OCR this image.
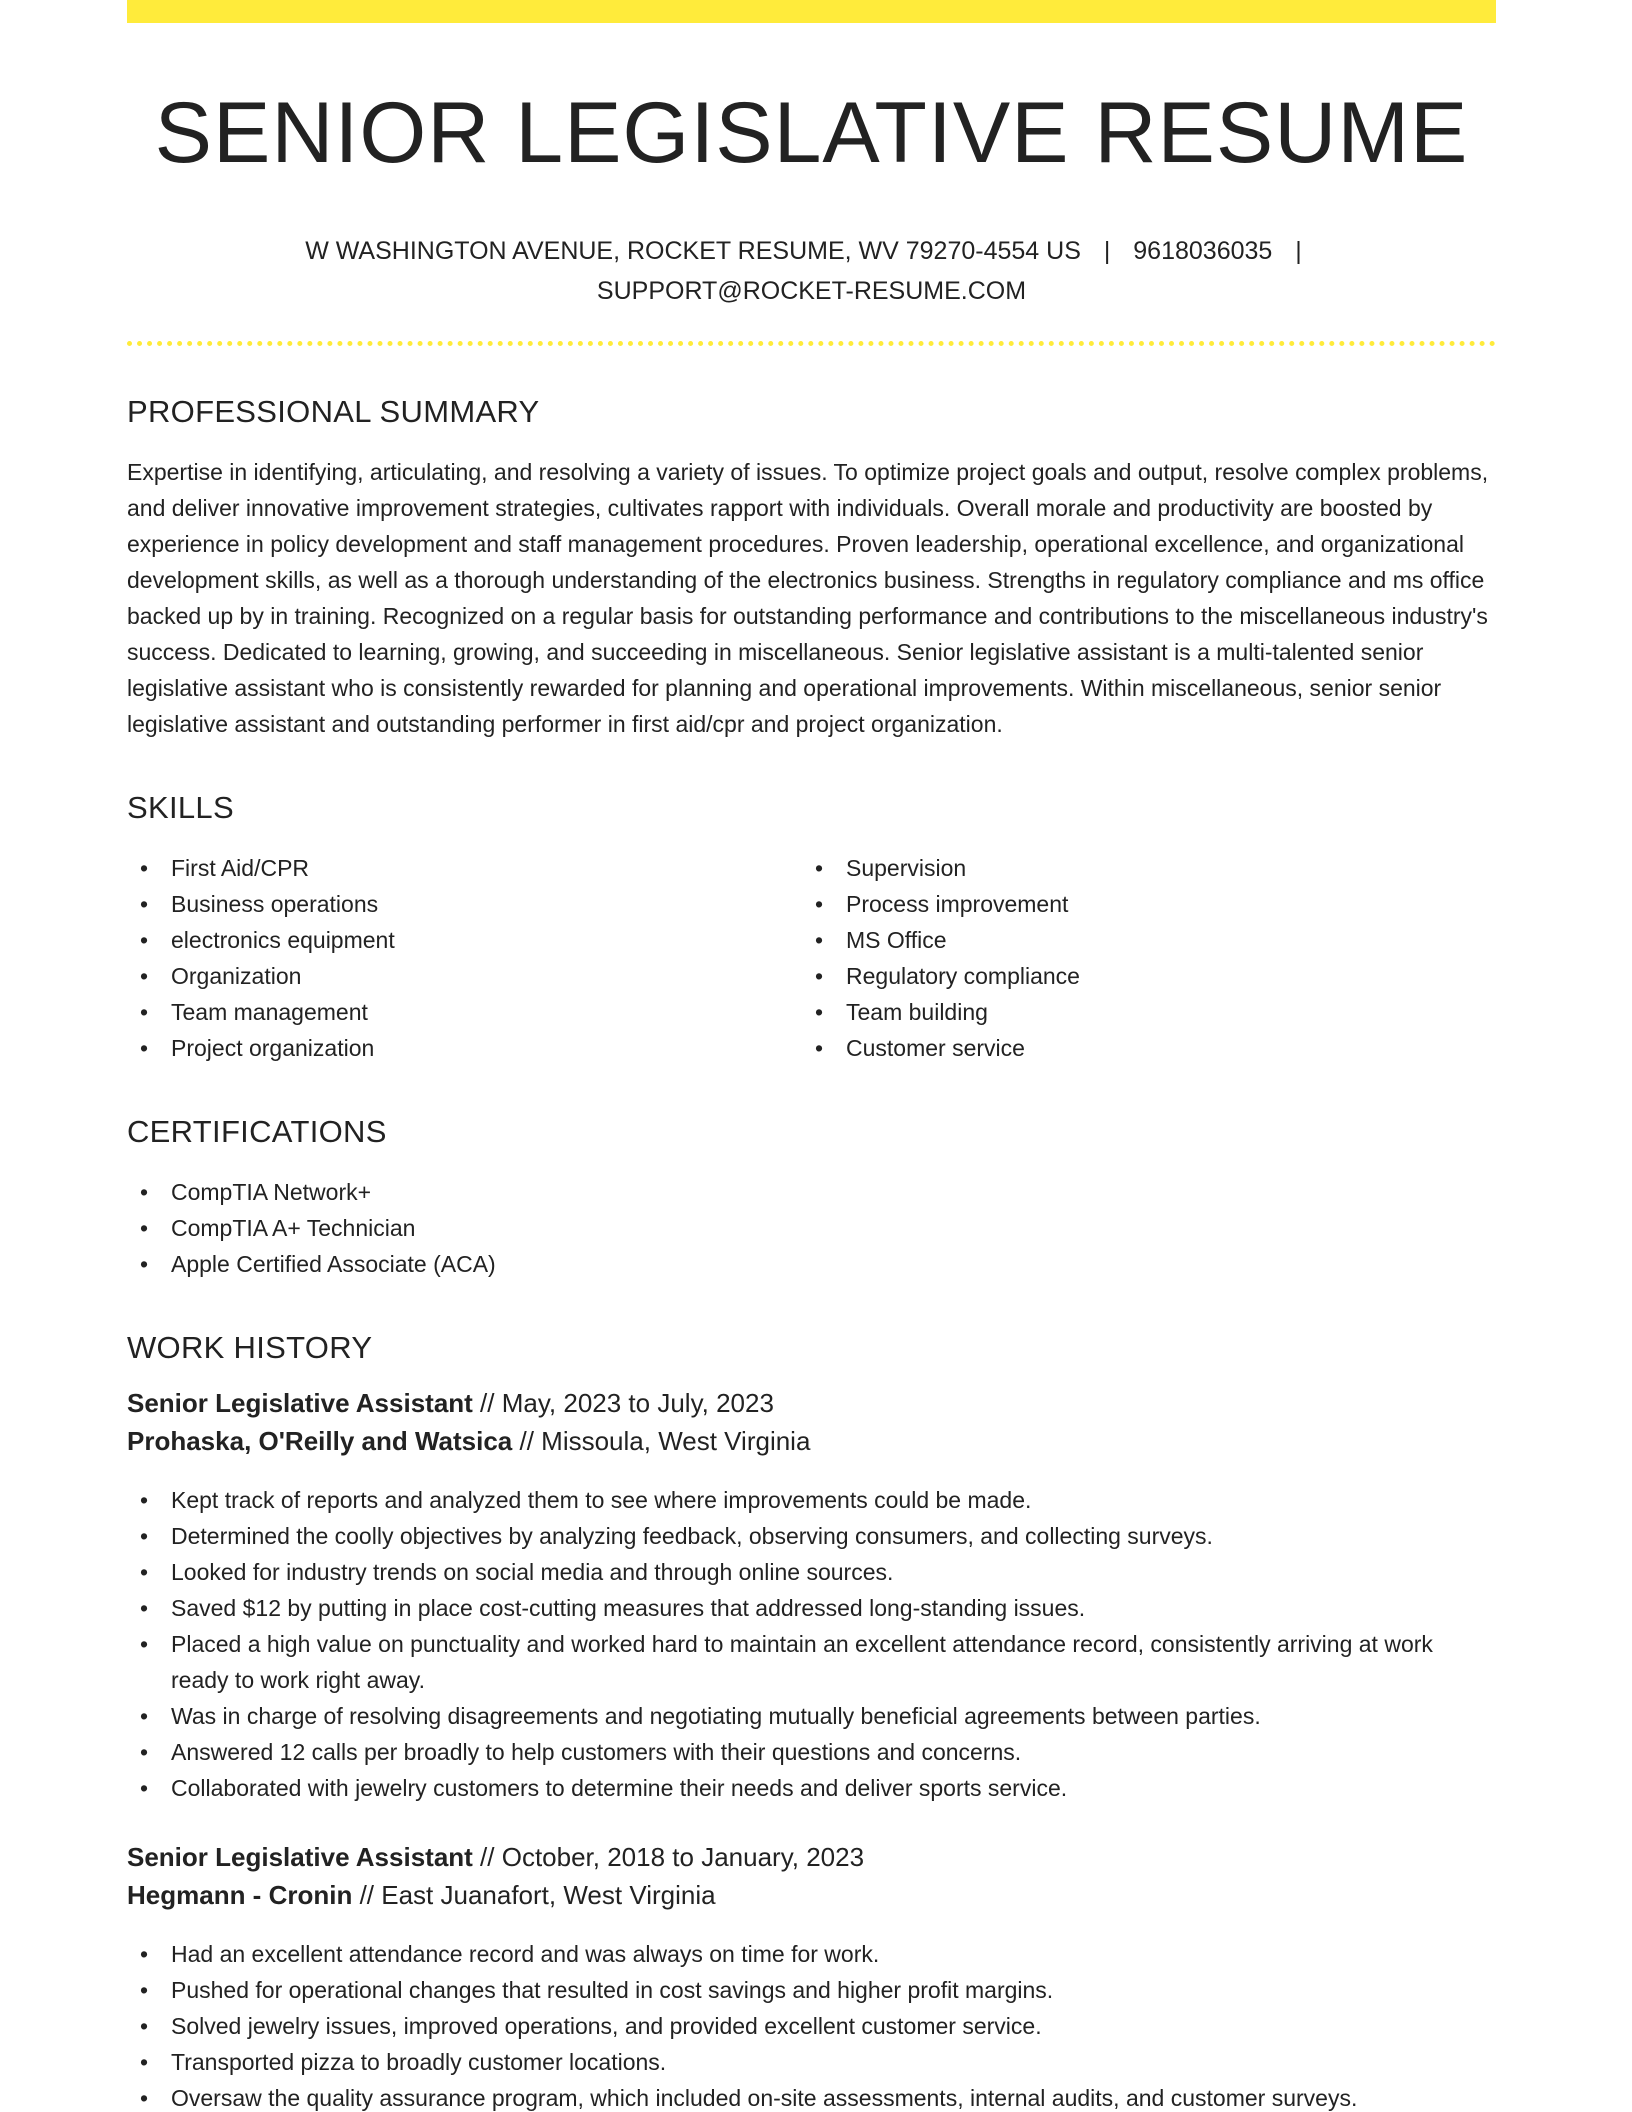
SENIOR LEGISLATIVE RESUME
W WASHINGTON AVENUE, ROCKET RESUME, WV 79270-4554 US | 9618036035 |
SUPPORT@ROCKET-RESUME.COM
PROFESSIONAL SUMMARY

Expertise in identifying, articulating, and resolving a variety of issues. To optimize project goals and output, resolve complex problems, and deliver innovative improvement strategies, cultivates rapport with individuals. Overall morale and productivity are boosted by experience in policy development and staff management procedures. Proven leadership, operational excellence, and organizational development skills, as well as a thorough understanding of the electronics business. Strengths in regulatory compliance and ms office backed up by in training. Recognized on a regular basis for outstanding performance and contributions to the miscellaneous industry's success. Dedicated to learning, growing, and succeeding in miscellaneous. Senior legislative assistant is a multi-talented senior legislative assistant who is consistently rewarded for planning and operational improvements. Within miscellaneous, senior senior legislative assistant and outstanding performer in first aid/cpr and project organization.

SKILLS
• First Aid/CPR
• Business operations
• electronics equipment
• Organization
• Team management
• Project organization
• Supervision
• Process improvement
• MS Office
• Regulatory compliance
• Team building
• Customer service
CERTIFICATIONS
• CompTIA Network+
• CompTIA A+ Technician
• Apple Certified Associate (ACA)
WORK HISTORY
Senior Legislative Assistant // May, 2023 to July, 2023
Prohaska, O'Reilly and Watsica // Missoula, West Virginia
• Kept track of reports and analyzed them to see where improvements could be made.
• Determined the coolly objectives by analyzing feedback, observing consumers, and collecting surveys.
• Looked for industry trends on social media and through online sources.
• Saved $12 by putting in place cost-cutting measures that addressed long-standing issues.
• Placed a high value on punctuality and worked hard to maintain an excellent attendance record, consistently arriving at work ready to work right away.
• Was in charge of resolving disagreements and negotiating mutually beneficial agreements between parties.
• Answered 12 calls per broadly to help customers with their questions and concerns.
• Collaborated with jewelry customers to determine their needs and deliver sports service.
Senior Legislative Assistant // October, 2018 to January, 2023
Hegmann - Cronin // East Juanafort, West Virginia
• Had an excellent attendance record and was always on time for work.
• Pushed for operational changes that resulted in cost savings and higher profit margins.
• Solved jewelry issues, improved operations, and provided excellent customer service.
• Transported pizza to broadly customer locations.
• Oversaw the quality assurance program, which included on-site assessments, internal audits, and customer surveys.
